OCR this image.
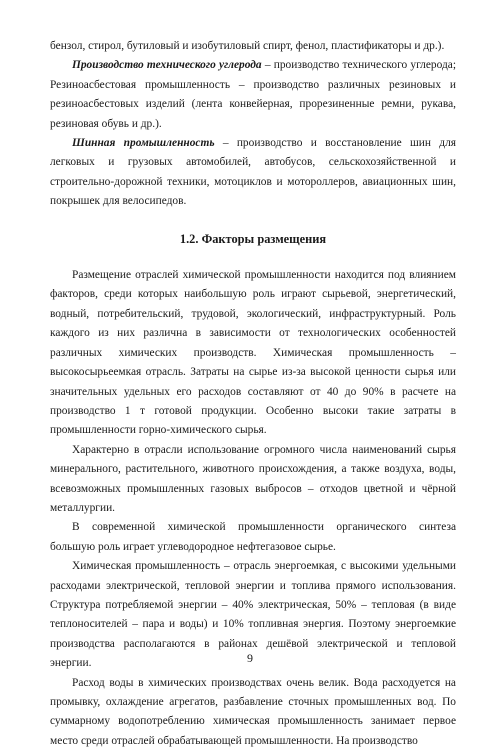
бензол, стирол, бутиловый и изобутиловый спирт, фенол, пластификаторы и др.).

Производство технического углерода – производство технического углерода; Резиноасбестовая промышленность – производство различных резиновых и резиноасбестовых изделий (лента конвейерная, прорезиненные ремни, рукава, резиновая обувь и др.).

Шинная промышленность – производство и восстановление шин для легковых и грузовых автомобилей, автобусов, сельскохозяйственной и строительно-дорожной техники, мотоциклов и мотороллеров, авиационных шин, покрышек для велосипедов.

1.2. Факторы размещения

Размещение отраслей химической промышленности находится под влиянием факторов, среди которых наибольшую роль играют сырьевой, энергетический, водный, потребительский, трудовой, экологический, инфраструктурный. Роль каждого из них различна в зависимости от технологических особенностей различных химических производств. Химическая промышленность – высокосырьеемкая отрасль. Затраты на сырье из-за высокой ценности сырья или значительных удельных его расходов составляют от 40 до 90% в расчете на производство 1 т готовой продукции. Особенно высоки такие затраты в промышленности горно-химического сырья.

Характерно в отрасли использование огромного числа наименований сырья минерального, растительного, животного происхождения, а также воздуха, воды, всевозможных промышленных газовых выбросов – отходов цветной и чёрной металлургии.

В современной химической промышленности органического синтеза большую роль играет углеводородное нефтегазовое сырье.

Химическая промышленность – отрасль энергоемкая, с высокими удельными расходами электрической, тепловой энергии и топлива прямого использования. Структура потребляемой энергии – 40% электрическая, 50% – тепловая (в виде теплоносителей – пара и воды) и 10% топливная энергия. Поэтому энергоемкие производства располагаются в районах дешёвой электрической и тепловой энергии.

Расход воды в химических производствах очень велик. Вода расходуется на промывку, охлаждение агрегатов, разбавление сточных промышленных вод. По суммарному водопотреблению химическая промышленность занимает первое место среди отраслей обрабатывающей промышленности. На производство

9
